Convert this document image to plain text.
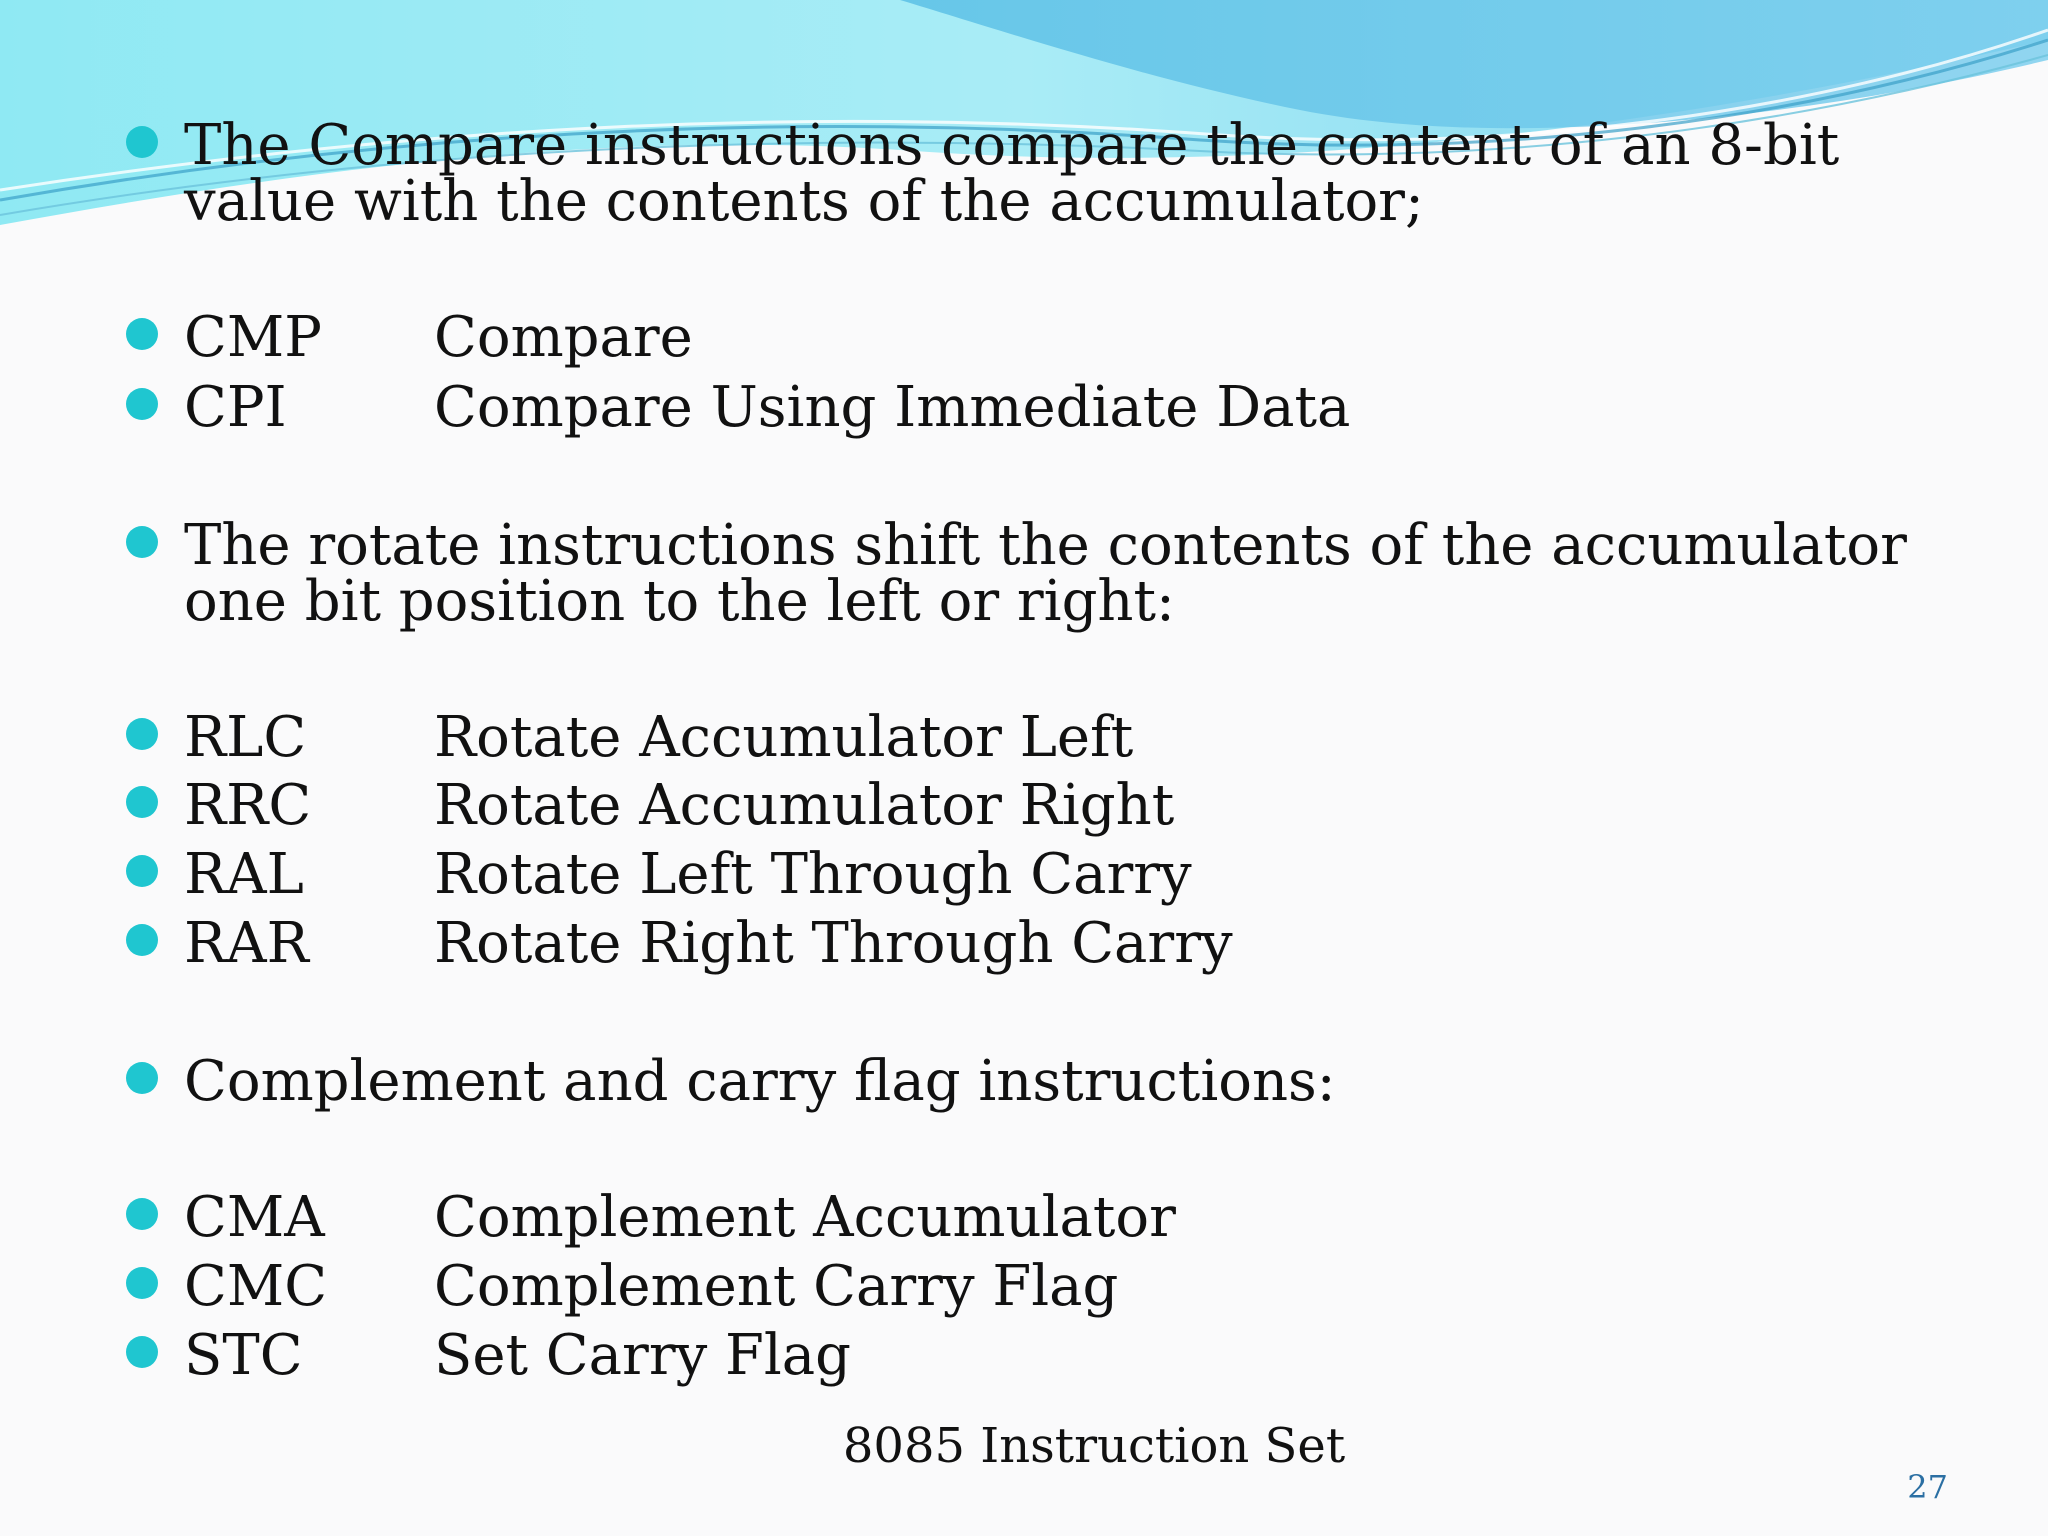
The Compare instructions compare the content of an 8-bit value with the contents of the accumulator;
CMP	Compare
CPI	Compare Using Immediate Data
The rotate instructions shift the contents of the accumulator one bit position to the left or right:
RLC	Rotate Accumulator Left
RRC	Rotate Accumulator Right
RAL	Rotate Left Through Carry
RAR	Rotate Right Through Carry
Complement and carry flag instructions:
CMA	Complement Accumulator
CMC	Complement Carry Flag
STC	Set Carry Flag
8085 Instruction Set
27
